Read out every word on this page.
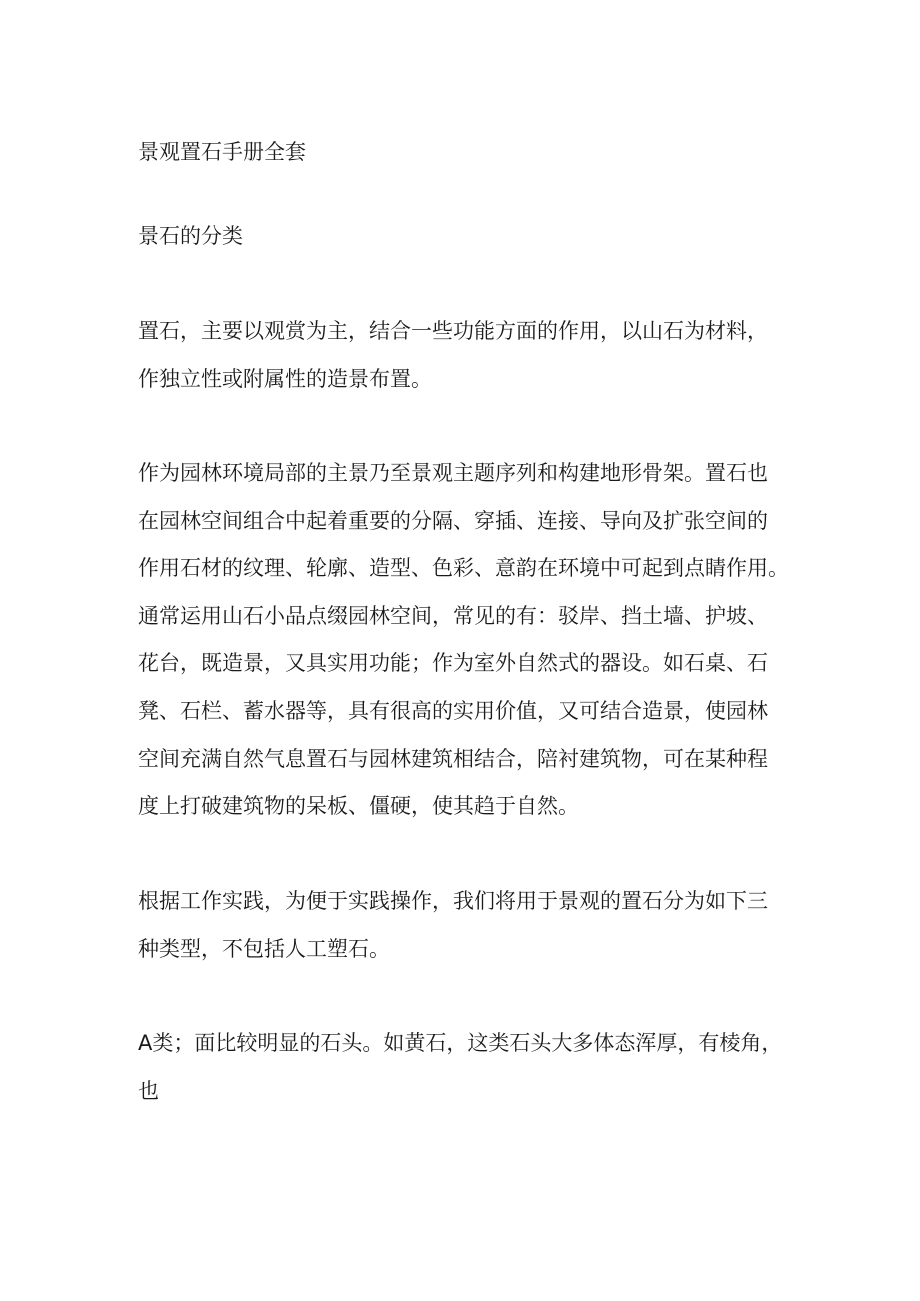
景观置石手册全套
景石的分类

置石，主要以观赏为主，结合一些功能方面的作用，以山石为材料，
作独立性或附属性的造景布置。

作为园林环境局部的主景乃至景观主题序列和构建地形骨架。置石也
在园林空间组合中起着重要的分隔、穿插、连接、导向及扩张空间的
作用石材的纹理、轮廓、造型、色彩、意韵在环境中可起到点睛作用。
通常运用山石小品点缀园林空间，常见的有：驳岸、挡土墙、护坡、
花台，既造景，又具实用功能；作为室外自然式的器设。如石桌、石
凳、石栏、蓄水器等，具有很高的实用价值，又可结合造景，使园林
空间充满自然气息置石与园林建筑相结合，陪衬建筑物，可在某种程
度上打破建筑物的呆板、僵硬，使其趋于自然。

根据工作实践，为便于实践操作，我们将用于景观的置石分为如下三
种类型，不包括人工塑石。

A类；面比较明显的石头。如黄石，这类石头大多体态浑厚，有棱角，
也
